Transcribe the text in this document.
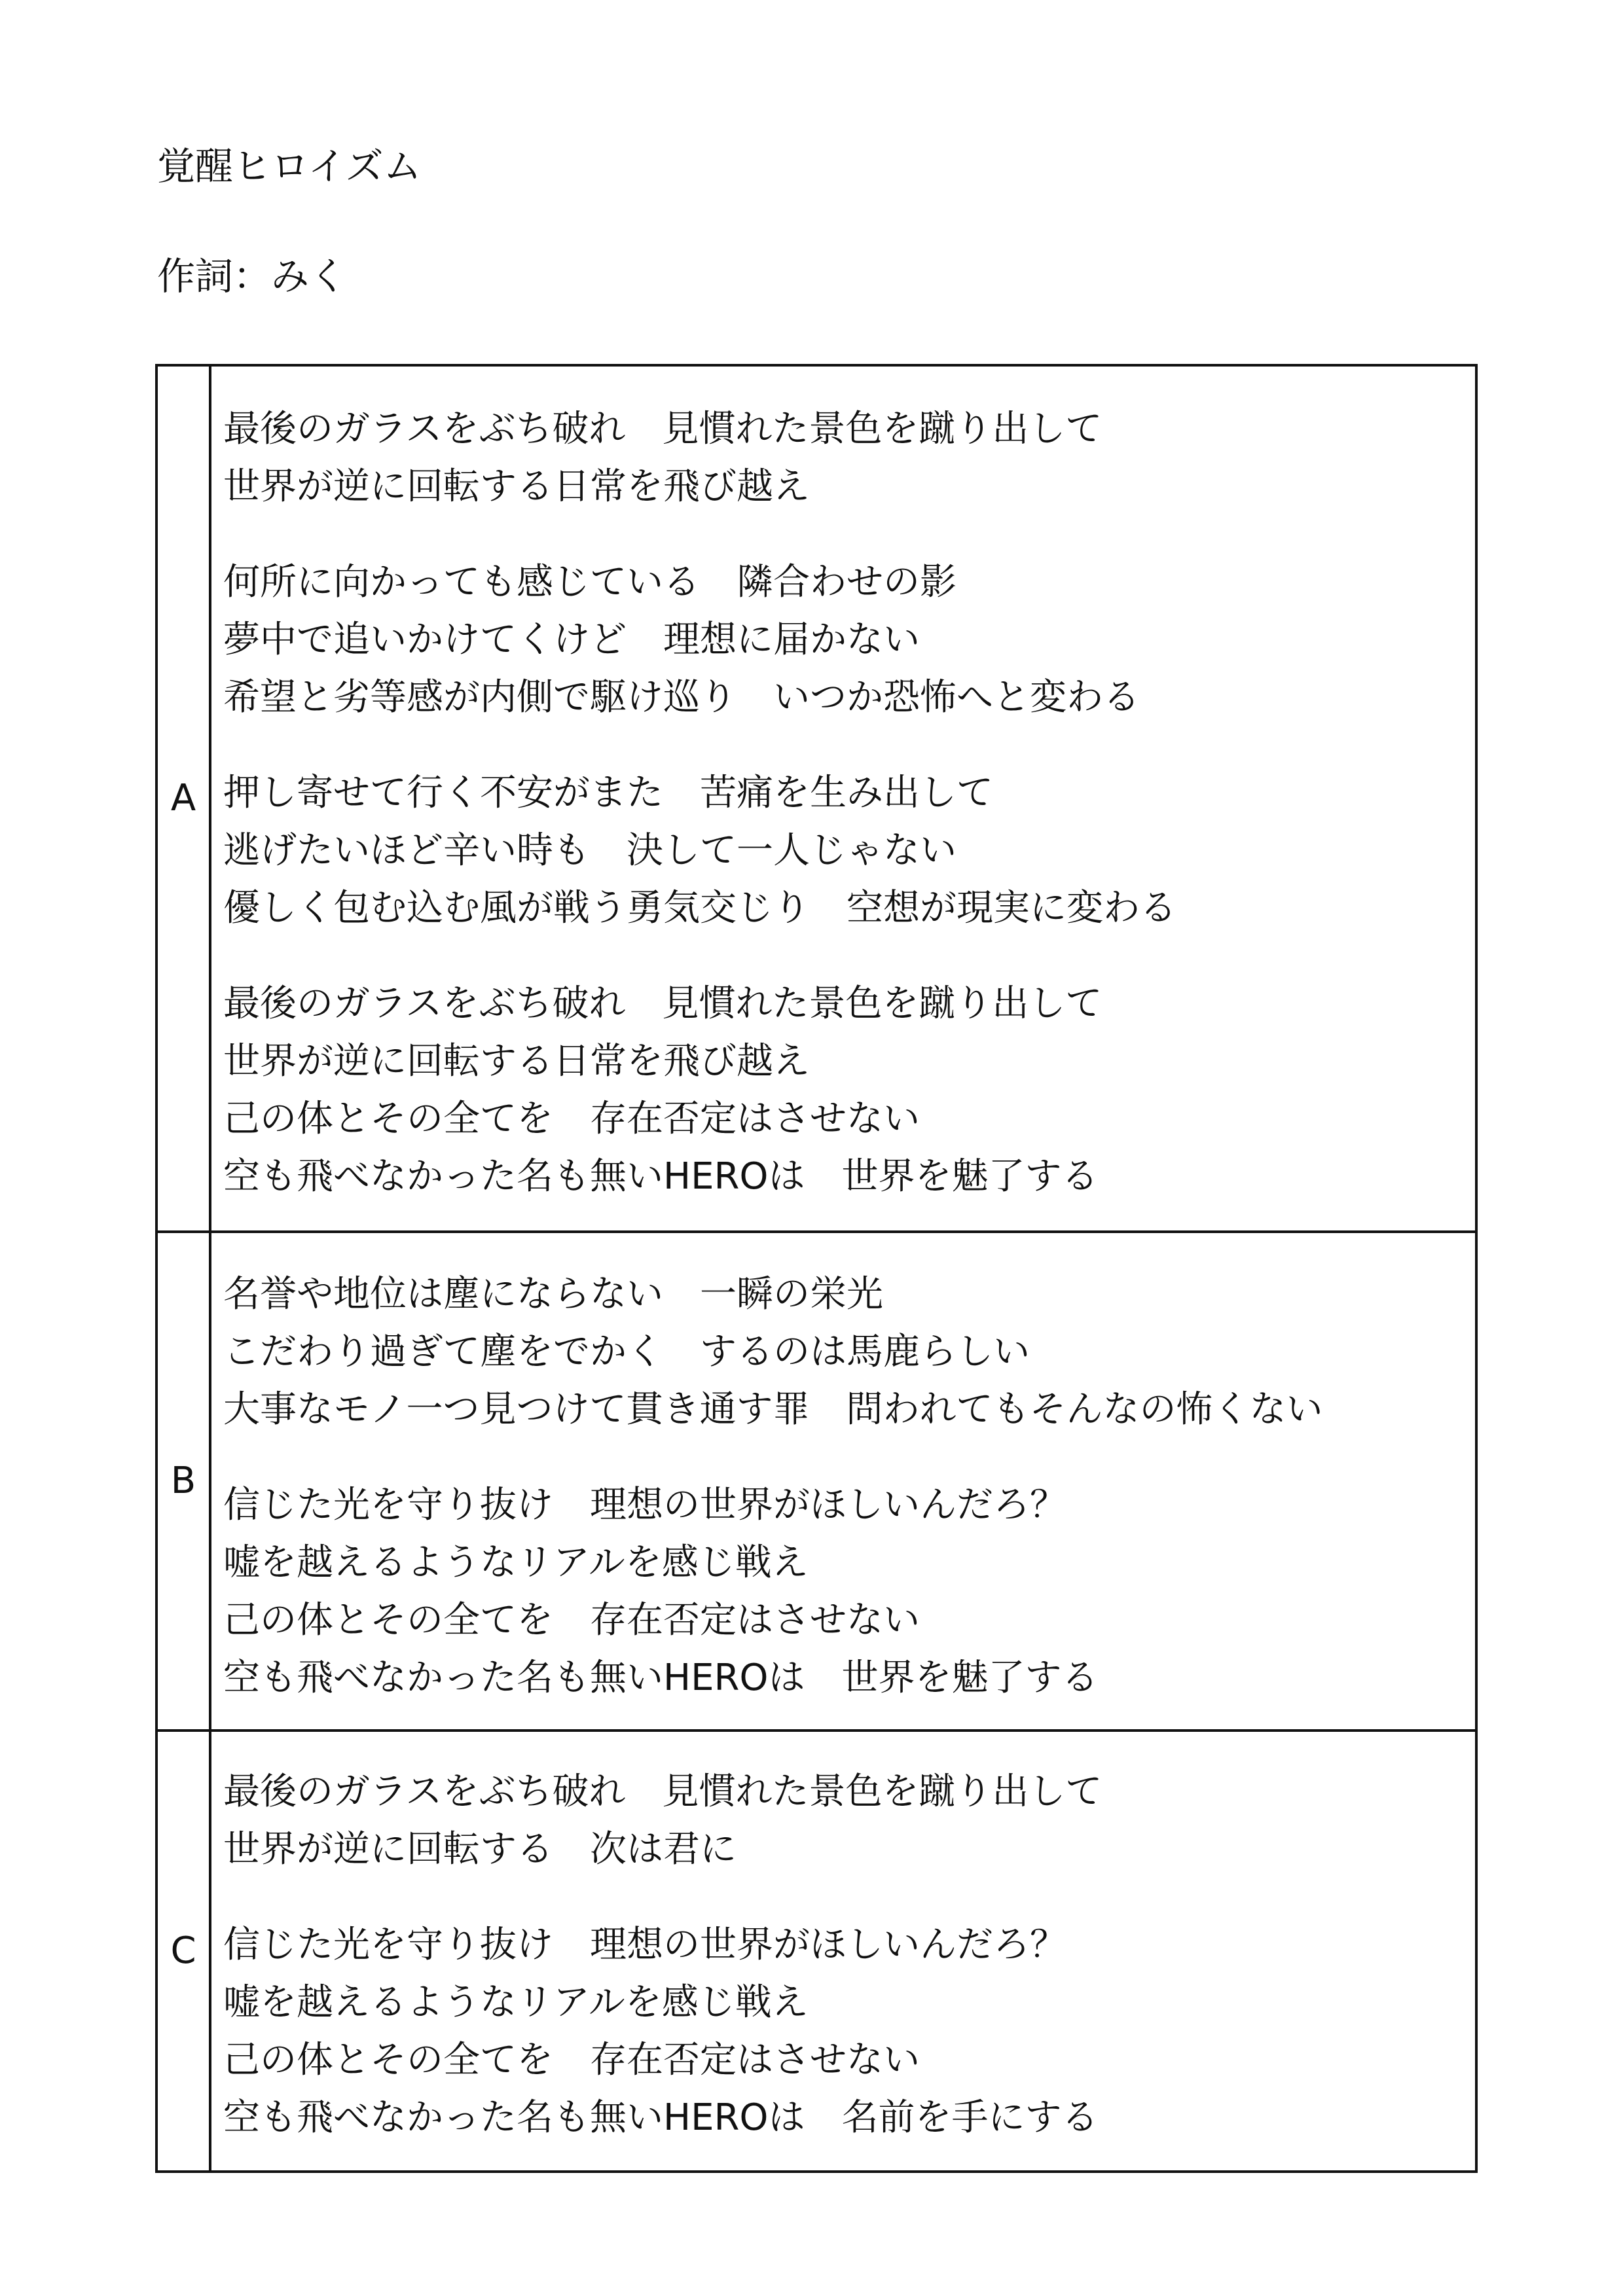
覚醒ヒロイズム
作詞：みく
A
最後のガラスをぶち破れ　見慣れた景色を蹴り出して
世界が逆に回転する日常を飛び越え
何所に向かっても感じている　隣合わせの影
夢中で追いかけてくけど　理想に届かない
希望と劣等感が内側で駆け巡り　いつか恐怖へと変わる
押し寄せて行く不安がまた　苦痛を生み出して
逃げたいほど辛い時も　決して一人じゃない
優しく包む込む風が戦う勇気交じり　空想が現実に変わる
最後のガラスをぶち破れ　見慣れた景色を蹴り出して
世界が逆に回転する日常を飛び越え
己の体とその全てを　存在否定はさせない
空も飛べなかった名も無いHEROは　世界を魅了する
B
名誉や地位は塵にならない　一瞬の栄光
こだわり過ぎて塵をでかく　するのは馬鹿らしい
大事なモノ一つ見つけて貫き通す罪　問われてもそんなの怖くない
信じた光を守り抜け　理想の世界がほしいんだろ？
嘘を越えるようなリアルを感じ戦え
己の体とその全てを　存在否定はさせない
空も飛べなかった名も無いHEROは　世界を魅了する
C
最後のガラスをぶち破れ　見慣れた景色を蹴り出して
世界が逆に回転する　次は君に
信じた光を守り抜け　理想の世界がほしいんだろ？
嘘を越えるようなリアルを感じ戦え
己の体とその全てを　存在否定はさせない
空も飛べなかった名も無いHEROは　名前を手にする
